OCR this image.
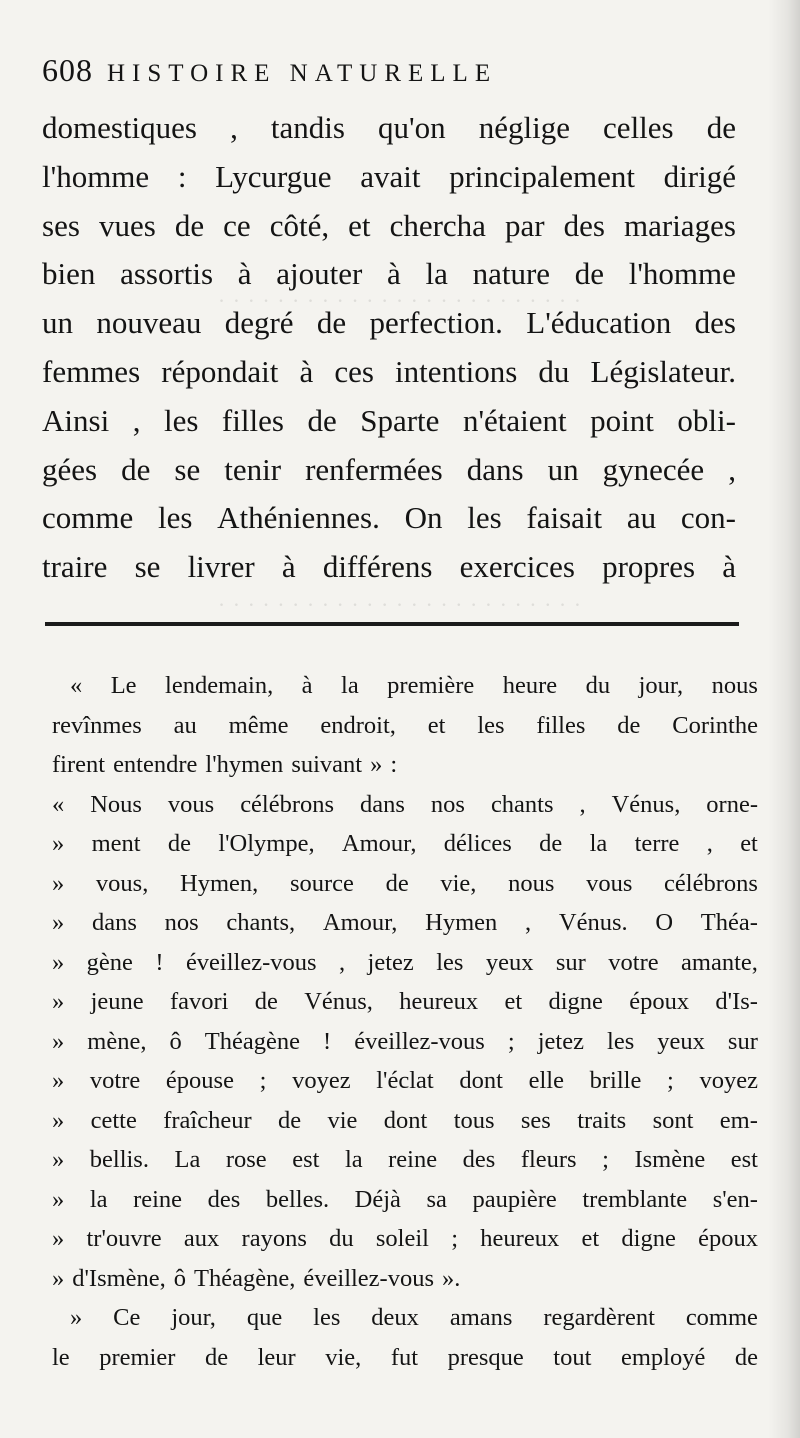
· · · · · · · · · · · · · · · · · · · · · · · · ·
· · · · · · · · · · · · · · · · · · · · · · · · ·
608 HISTOIRE NATURELLE
domestiques , tandis qu'on néglige celles de
l'homme : Lycurgue avait principalement dirigé
ses vues de ce côté, et chercha par des mariages
bien assortis à ajouter à la nature de l'homme
un nouveau degré de perfection. L'éducation des
femmes répondait à ces intentions du Législateur.
Ainsi , les filles de Sparte n'étaient point obli-
gées de se tenir renfermées dans un gynecée ,
comme les Athéniennes. On les faisait au con-
traire se livrer à différens exercices propres à
« Le lendemain, à la première heure du jour, nous
revînmes au même endroit, et les filles de Corinthe
firent entendre l'hymen suivant » :
« Nous vous célébrons dans nos chants , Vénus, orne-
» ment de l'Olympe, Amour, délices de la terre , et
» vous, Hymen, source de vie, nous vous célébrons
» dans nos chants, Amour, Hymen , Vénus. O Théa-
» gène ! éveillez-vous , jetez les yeux sur votre amante,
» jeune favori de Vénus, heureux et digne époux d'Is-
» mène, ô Théagène ! éveillez-vous ; jetez les yeux sur
» votre épouse ; voyez l'éclat dont elle brille ; voyez
» cette fraîcheur de vie dont tous ses traits sont em-
» bellis. La rose est la reine des fleurs ; Ismène est
» la reine des belles. Déjà sa paupière tremblante s'en-
» tr'ouvre aux rayons du soleil ; heureux et digne époux
» d'Ismène, ô Théagène, éveillez-vous ».
» Ce jour, que les deux amans regardèrent comme
le premier de leur vie, fut presque tout employé de
